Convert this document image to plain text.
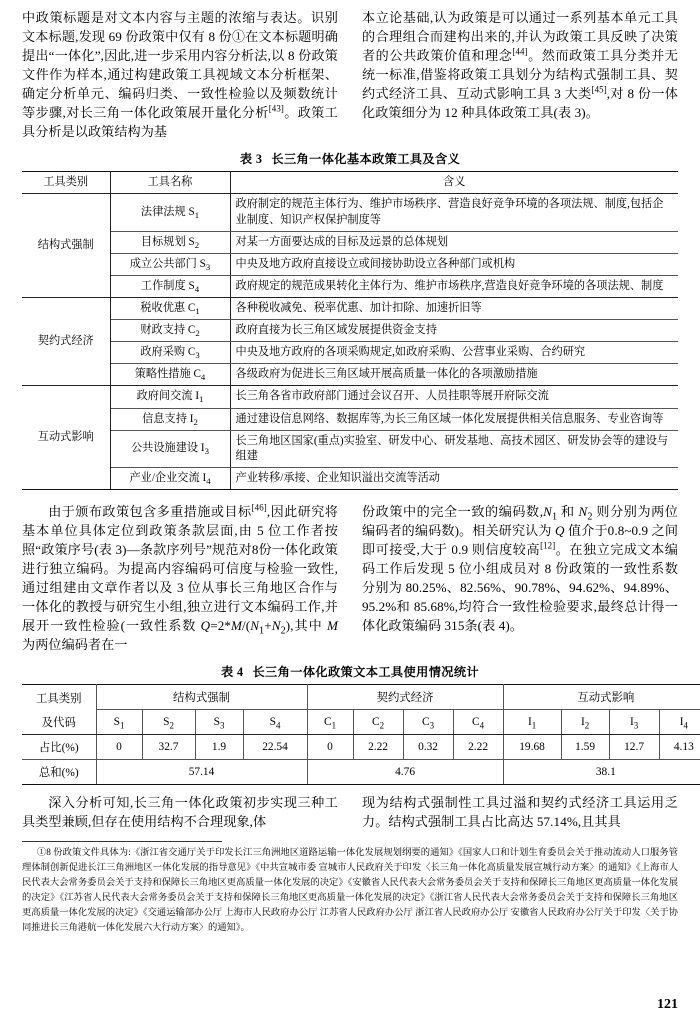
中政策标题是对文本内容与主题的浓缩与表达。识别文本标题,发现 69 份政策中仅有 8 份①在文本标题明确提出“一体化”,因此,进一步采用内容分析法,以 8 份政策文件作为样本,通过构建政策工具视域文本分析框架、确定分析单元、编码归类、一致性检验以及频数统计等步骤,对长三角一体化政策展开量化分析[43]。政策工具分析是以政策结构为基

本立论基础,认为政策是可以通过一系列基本单元工具的合理组合而建构出来的,并认为政策工具反映了决策者的公共政策价值和理念[44]。然而政策工具分类并无统一标准,借鉴将政策工具划分为结构式强制工具、契约式经济工具、互动式影响工具 3 大类[45],对 8 份一体化政策细分为 12 种具体政策工具(表 3)。

表 3 长三角一体化基本政策工具及含义
工具类别	工具名称	含义
结构式强制	法律法规 $S_1$	政府制定的规范主体行为、维护市场秩序、营造良好竞争环境的各项法规、制度,包括企业制度、知识产权保护制度等
	目标规划 $S_2$	对某一方面要达成的目标及远景的总体规划
	成立公共部门 $S_3$	中央及地方政府直接设立或间接协助设立各种部门或机构
	工作制度 $S_4$	政府规定的规范成果转化主体行为、维护市场秩序,营造良好竞争环境的各项法规、制度
契约式经济	税收优惠 $C_1$	各种税收减免、税率优惠、加计扣除、加速折旧等
	财政支持 $C_2$	政府直接为长三角区域发展提供资金支持
	政府采购 $C_3$	中央及地方政府的各项采购规定,如政府采购、公营事业采购、合约研究
	策略性措施 $C_4$	各级政府为促进长三角区域开展高质量一体化的各项激励措施
互动式影响	政府间交流 $I_1$	长三角各省市政府部门通过会议召开、人员挂职等展开府际交流
	信息支持 $I_2$	通过建设信息网络、数据库等,为长三角区域一体化发展提供相关信息服务、专业咨询等
	公共设施建设 $I_3$	长三角地区国家(重点)实验室、研发中心、研发基地、高技术园区、研发协会等的建设与组建
	产业/企业交流 $I_4$	产业转移/承接、企业知识溢出交流等活动

由于颁布政策包含多重措施或目标[46],因此研究将基本单位具体定位到政策条款层面,由 5 位工作者按照“政策序号(表 3)—条款序列号”规范对8份一体化政策进行独立编码。为提高内容编码可信度与检验一致性,通过组建由文章作者以及 3 位从事长三角地区合作与一体化的教授与研究生小组,独立进行文本编码工作,并展开一致性检验(一致性系数 $Q=2*M/(N_1+N_2)$,其中 M 为两位编码者在一

份政策中的完全一致的编码数$,N_1$ 和 $N_2$ 则分别为两位编码者的编码数)。相关研究认为 Q 值介于0.8~0.9 之间即可接受,大于 0.9 则信度较高[12]。在独立完成文本编码工作后发现 5 位小组成员对 8 份政策的一致性系数分别为 80.25%、82.56%、90.78%、94.62%、94.89%、95.2%和 85.68%,均符合一致性检验要求,最终总计得一体化政策编码 315条(表 4)。

表 4 长三角一体化政策文本工具使用情况统计
工具类别	结构式强制				契约式经济				互动式影响			
及代码	$S_1$	$S_2$	$S_3$	$S_4$	$C_1$	$C_2$	$C_3$	$C_4$	$I_1$	$I_2$	$I_3$	$I_4$
占比(%)	0	32.7	1.9	22.54	0	2.22	0.32	2.22	19.68	1.59	12.7	4.13
总和(%)	57.14				4.76				38.1			

深入分析可知,长三角一体化政策初步实现三种工具类型兼顾,但存在使用结构不合理现象,体

现为结构式强制性工具过溢和契约式经济工具运用乏力。结构式强制工具占比高达 57.14%,且其具

①8 份政策文件具体为:《浙江省交通厅关于印发长江三角洲地区道路运输一体化发展规划纲要的通知》《国家人口和计划生育委员会关于推动流动人口服务管理体制创新促进长江三角洲地区一体化发展的指导意见》《中共宣城市委 宣城市人民政府关于印发〈长三角一体化高质量发展宣城行动方案〉的通知》《上海市人民代表大会常务委员会关于支持和保障长三角地区更高质量一体化发展的决定》《安徽省人民代表大会常务委员会关于支持和保障长三角地区更高质量一体化发展的决定》《江苏省人民代表大会常务委员会关于支持和保障长三角地区更高质量一体化发展的决定》《浙江省人民代表大会常务委员会关于支持和保障长三角地区更高质量一体化发展的决定》《交通运输部办公厅 上海市人民政府办公厅 江苏省人民政府办公厅 浙江省人民政府办公厅 安徽省人民政府办公厅关于印发〈关于协同推进长三角港航一体化发展六大行动方案〉的通知》。

121
